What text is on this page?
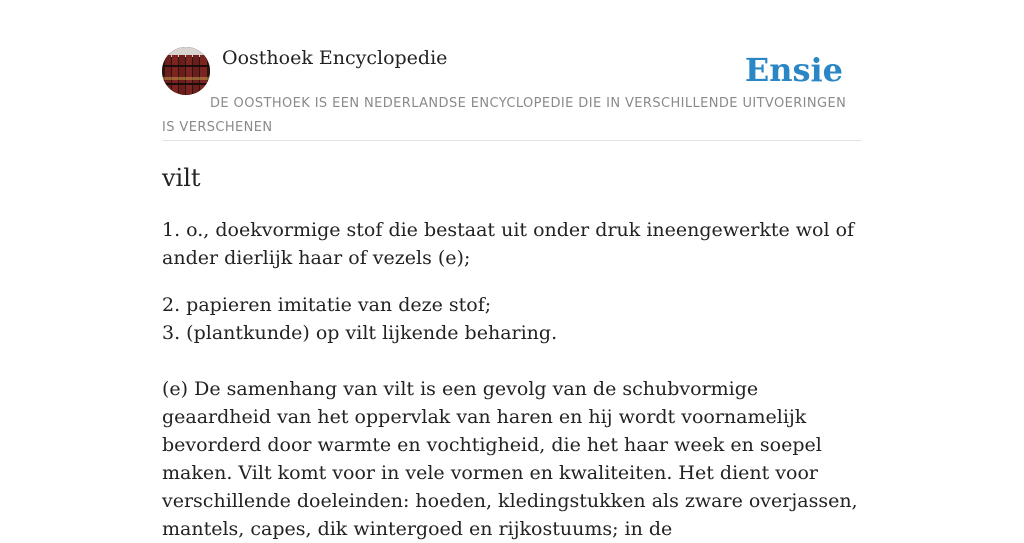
Oosthoek Encyclopedie	Ensie
DE OOSTHOEK IS EEN NEDERLANDSE ENCYCLOPEDIE DIE IN VERSCHILLENDE UITVOERINGEN IS VERSCHENEN
vilt

1. o., doekvormige stof die bestaat uit onder druk ineengewerkte wol of ander dierlijk haar of vezels (e);

2. papieren imitatie van deze stof;

3. (plantkunde) op vilt lijkende beharing.

(e) De samenhang van vilt is een gevolg van de schubvormige geaardheid van het oppervlak van haren en hij wordt voornamelijk bevorderd door warmte en vochtigheid, die het haar week en soepel maken. Vilt komt voor in vele vormen en kwaliteiten. Het dient voor verschillende doeleinden: hoeden, kledingstukken als zware overjassen, mantels, capes, dik wintergoed en rijkostuums; in de
